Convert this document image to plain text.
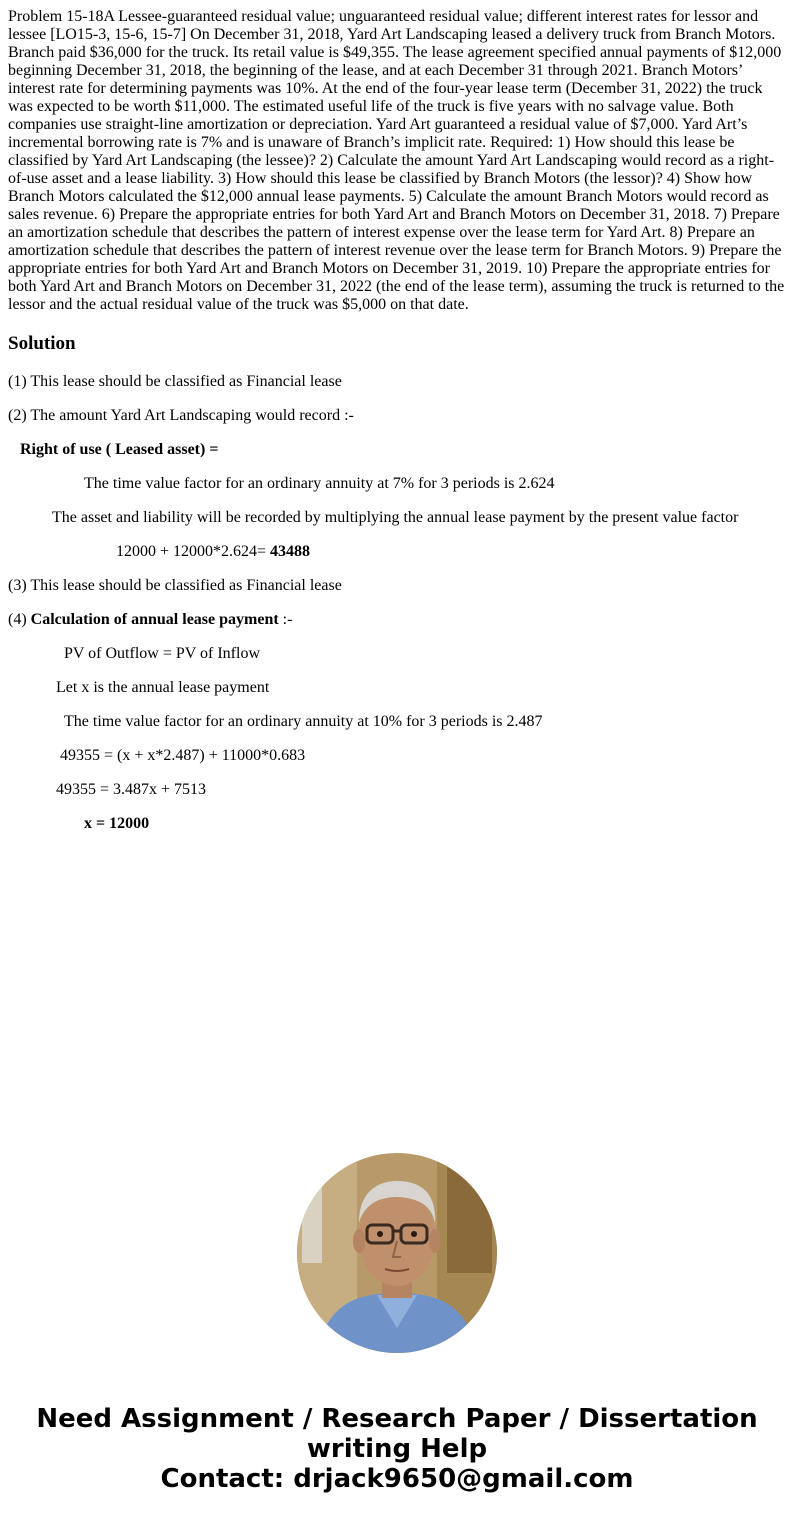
Problem 15-18A Lessee-guaranteed residual value; unguaranteed residual value; different interest rates for lessor and lessee [LO15-3, 15-6, 15-7] On December 31, 2018, Yard Art Landscaping leased a delivery truck from Branch Motors. Branch paid $36,000 for the truck. Its retail value is $49,355. The lease agreement specified annual payments of $12,000 beginning December 31, 2018, the beginning of the lease, and at each December 31 through 2021. Branch Motors’ interest rate for determining payments was 10%. At the end of the four-year lease term (December 31, 2022) the truck was expected to be worth $11,000. The estimated useful life of the truck is five years with no salvage value. Both companies use straight-line amortization or depreciation. Yard Art guaranteed a residual value of $7,000. Yard Art’s incremental borrowing rate is 7% and is unaware of Branch’s implicit rate. Required: 1) How should this lease be classified by Yard Art Landscaping (the lessee)? 2) Calculate the amount Yard Art Landscaping would record as a right-of-use asset and a lease liability. 3) How should this lease be classified by Branch Motors (the lessor)? 4) Show how Branch Motors calculated the $12,000 annual lease payments. 5) Calculate the amount Branch Motors would record as sales revenue. 6) Prepare the appropriate entries for both Yard Art and Branch Motors on December 31, 2018. 7) Prepare an amortization schedule that describes the pattern of interest expense over the lease term for Yard Art. 8) Prepare an amortization schedule that describes the pattern of interest revenue over the lease term for Branch Motors. 9) Prepare the appropriate entries for both Yard Art and Branch Motors on December 31, 2019. 10) Prepare the appropriate entries for both Yard Art and Branch Motors on December 31, 2022 (the end of the lease term), assuming the truck is returned to the lessor and the actual residual value of the truck was $5,000 on that date.

Solution

(1) This lease should be classified as Financial lease

(2) The amount Yard Art Landscaping would record :-

Right of use ( Leased asset) =

The time value factor for an ordinary annuity at 7% for 3 periods is 2.624

The asset and liability will be recorded by multiplying the annual lease payment by the present value factor

12000 + 12000*2.624= 43488

(3) This lease should be classified as Financial lease

(4) Calculation of annual lease payment :-

PV of Outflow = PV of Inflow

Let x is the annual lease payment

The time value factor for an ordinary annuity at 10% for 3 periods is 2.487

49355 = (x + x*2.487) + 11000*0.683

49355 = 3.487x + 7513

x = 12000

Need Assignment / Research Paper / Dissertation
writing Help
Contact: drjack9650@gmail.com
